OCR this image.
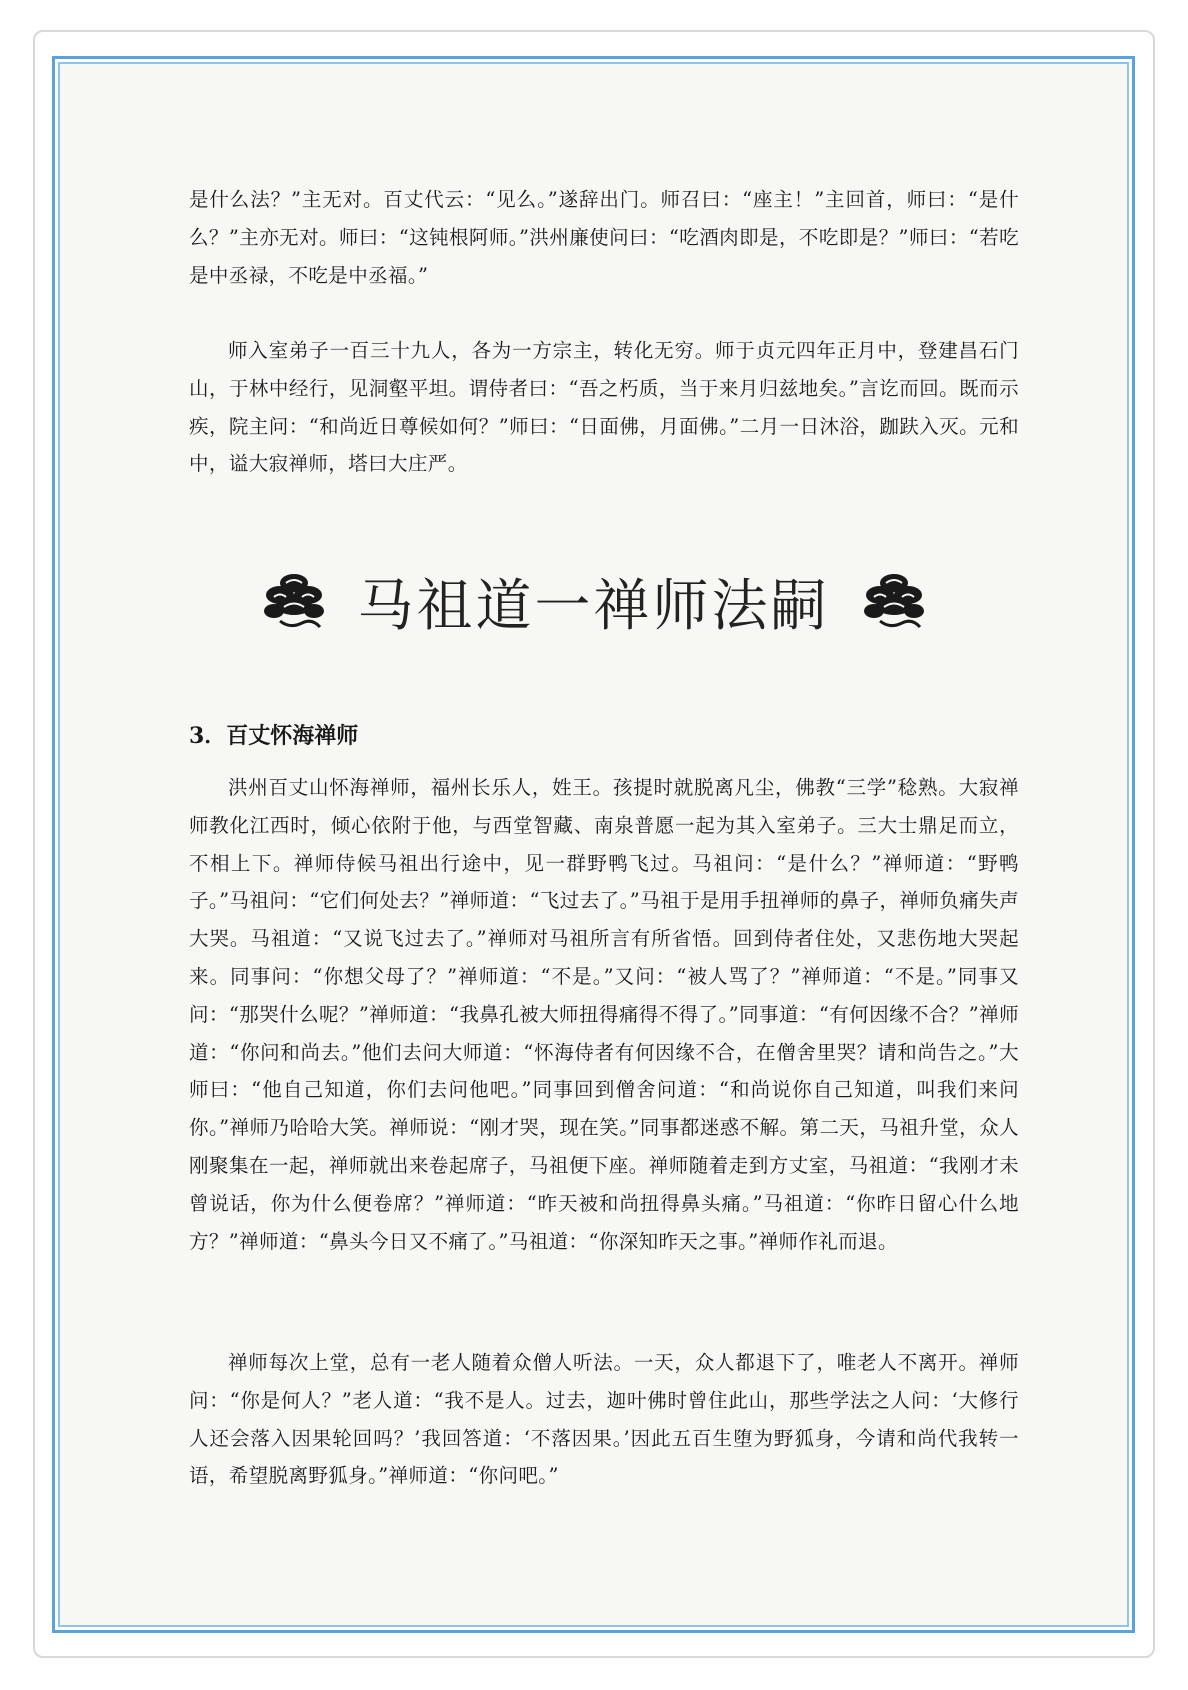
是什么法？”主无对。百丈代云：“见么。”遂辞出门。师召曰：“座主！”主回首，师曰：“是什么？”主亦无对。师曰：“这钝根阿师。”洪州廉使问曰：“吃酒肉即是，不吃即是？”师曰：“若吃是中丞禄，不吃是中丞福。”

师入室弟子一百三十九人，各为一方宗主，转化无穷。师于贞元四年正月中，登建昌石门山，于林中经行，见洞壑平坦。谓侍者曰：“吾之朽质，当于来月归兹地矣。”言讫而回。既而示疾，院主问：“和尚近日尊候如何？”师曰：“日面佛，月面佛。”二月一日沐浴，跏趺入灭。元和中，谥大寂禅师，塔曰大庄严。

马祖道一禅师法嗣
3．百丈怀海禅师

洪州百丈山怀海禅师，福州长乐人，姓王。孩提时就脱离凡尘，佛教“三学”稔熟。大寂禅师教化江西时，倾心依附于他，与西堂智藏、南泉普愿一起为其入室弟子。三大士鼎足而立，不相上下。禅师侍候马祖出行途中，见一群野鸭飞过。马祖问：“是什么？”禅师道：“野鸭子。”马祖问：“它们何处去？”禅师道：“飞过去了。”马祖于是用手扭禅师的鼻子，禅师负痛失声大哭。马祖道：“又说飞过去了。”禅师对马祖所言有所省悟。回到侍者住处，又悲伤地大哭起来。同事问：“你想父母了？”禅师道：“不是。”又问：“被人骂了？”禅师道：“不是。”同事又问：“那哭什么呢？”禅师道：“我鼻孔被大师扭得痛得不得了。”同事道：“有何因缘不合？”禅师道：“你问和尚去。”他们去问大师道：“怀海侍者有何因缘不合，在僧舍里哭？请和尚告之。”大师曰：“他自己知道，你们去问他吧。”同事回到僧舍问道：“和尚说你自己知道，叫我们来问你。”禅师乃哈哈大笑。禅师说：“刚才哭，现在笑。”同事都迷惑不解。第二天，马祖升堂，众人刚聚集在一起，禅师就出来卷起席子，马祖便下座。禅师随着走到方丈室，马祖道：“我刚才未曾说话，你为什么便卷席？”禅师道：“昨天被和尚扭得鼻头痛。”马祖道：“你昨日留心什么地方？”禅师道：“鼻头今日又不痛了。”马祖道：“你深知昨天之事。”禅师作礼而退。

禅师每次上堂，总有一老人随着众僧人听法。一天，众人都退下了，唯老人不离开。禅师问：“你是何人？”老人道：“我不是人。过去，迦叶佛时曾住此山，那些学法之人问：‘大修行人还会落入因果轮回吗？’我回答道：‘不落因果。’因此五百生堕为野狐身，今请和尚代我转一语，希望脱离野狐身。”禅师道：“你问吧。”
